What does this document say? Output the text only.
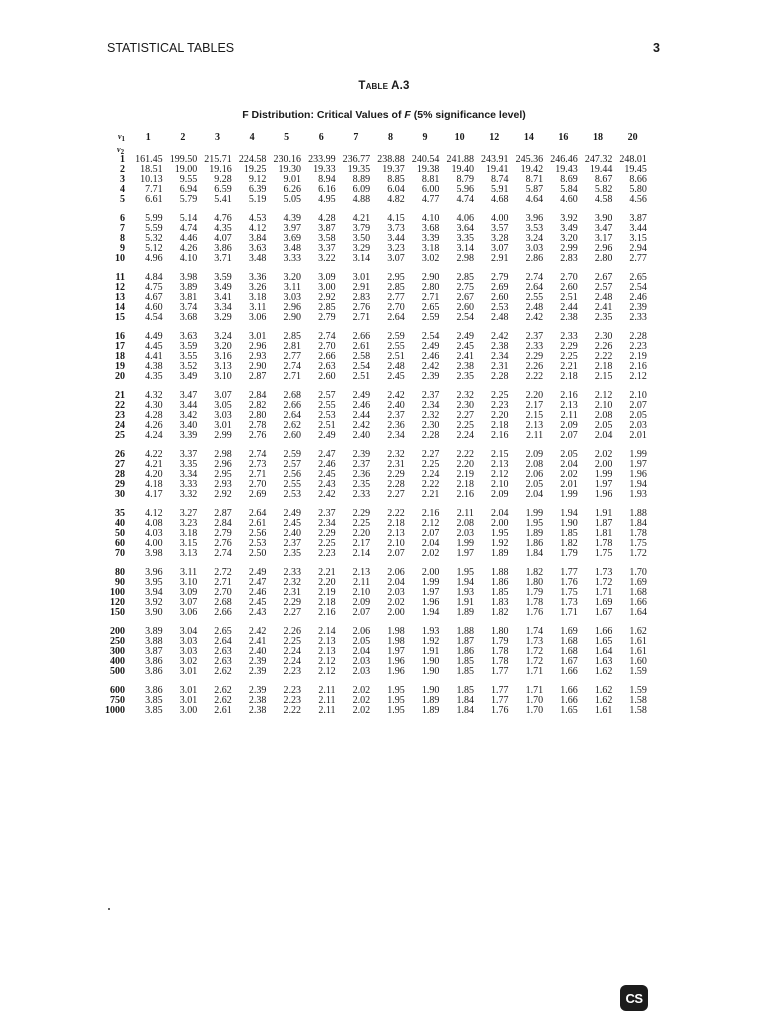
STATISTICAL TABLES	3
Table A.3
F Distribution: Critical Values of F (5% significance level)
ν1	1	2	3	4	5	6	7	8	9	10	12	14	16	18	20
ν2
1	161.45 199.50 215.71 224.58 230.16 233.99 236.77 238.88 240.54 241.88 243.91 245.36 246.46 247.32 248.01
2	18.51	19.00	19.16	19.25	19.30	19.33	19.35	19.37	19.38	19.40	19.41	19.42	19.43	19.44	19.45
3	10.13	9.55	9.28	9.12	9.01	8.94	8.89	8.85	8.81	8.79	8.74	8.71	8.69	8.67	8.66
4	7.71	6.94	6.59	6.39	6.26	6.16	6.09	6.04	6.00	5.96	5.91	5.87	5.84	5.82	5.80
5	6.61	5.79	5.41	5.19	5.05	4.95	4.88	4.82	4.77	4.74	4.68	4.64	4.60	4.58	4.56
6	5.99	5.14	4.76	4.53	4.39	4.28	4.21	4.15	4.10	4.06	4.00	3.96	3.92	3.90	3.87
7	5.59	4.74	4.35	4.12	3.97	3.87	3.79	3.73	3.68	3.64	3.57	3.53	3.49	3.47	3.44
8	5.32	4.46	4.07	3.84	3.69	3.58	3.50	3.44	3.39	3.35	3.28	3.24	3.20	3.17	3.15
9	5.12	4.26	3.86	3.63	3.48	3.37	3.29	3.23	3.18	3.14	3.07	3.03	2.99	2.96	2.94
10	4.96	4.10	3.71	3.48	3.33	3.22	3.14	3.07	3.02	2.98	2.91	2.86	2.83	2.80	2.77
11	4.84	3.98	3.59	3.36	3.20	3.09	3.01	2.95	2.90	2.85	2.79	2.74	2.70	2.67	2.65
12	4.75	3.89	3.49	3.26	3.11	3.00	2.91	2.85	2.80	2.75	2.69	2.64	2.60	2.57	2.54
13	4.67	3.81	3.41	3.18	3.03	2.92	2.83	2.77	2.71	2.67	2.60	2.55	2.51	2.48	2.46
14	4.60	3.74	3.34	3.11	2.96	2.85	2.76	2.70	2.65	2.60	2.53	2.48	2.44	2.41	2.39
15	4.54	3.68	3.29	3.06	2.90	2.79	2.71	2.64	2.59	2.54	2.48	2.42	2.38	2.35	2.33
16	4.49	3.63	3.24	3.01	2.85	2.74	2.66	2.59	2.54	2.49	2.42	2.37	2.33	2.30	2.28
17	4.45	3.59	3.20	2.96	2.81	2.70	2.61	2.55	2.49	2.45	2.38	2.33	2.29	2.26	2.23
18	4.41	3.55	3.16	2.93	2.77	2.66	2.58	2.51	2.46	2.41	2.34	2.29	2.25	2.22	2.19
19	4.38	3.52	3.13	2.90	2.74	2.63	2.54	2.48	2.42	2.38	2.31	2.26	2.21	2.18	2.16
20	4.35	3.49	3.10	2.87	2.71	2.60	2.51	2.45	2.39	2.35	2.28	2.22	2.18	2.15	2.12
21	4.32	3.47	3.07	2.84	2.68	2.57	2.49	2.42	2.37	2.32	2.25	2.20	2.16	2.12	2.10
22	4.30	3.44	3.05	2.82	2.66	2.55	2.46	2.40	2.34	2.30	2.23	2.17	2.13	2.10	2.07
23	4.28	3.42	3.03	2.80	2.64	2.53	2.44	2.37	2.32	2.27	2.20	2.15	2.11	2.08	2.05
24	4.26	3.40	3.01	2.78	2.62	2.51	2.42	2.36	2.30	2.25	2.18	2.13	2.09	2.05	2.03
25	4.24	3.39	2.99	2.76	2.60	2.49	2.40	2.34	2.28	2.24	2.16	2.11	2.07	2.04	2.01
26	4.22	3.37	2.98	2.74	2.59	2.47	2.39	2.32	2.27	2.22	2.15	2.09	2.05	2.02	1.99
27	4.21	3.35	2.96	2.73	2.57	2.46	2.37	2.31	2.25	2.20	2.13	2.08	2.04	2.00	1.97
28	4.20	3.34	2.95	2.71	2.56	2.45	2.36	2.29	2.24	2.19	2.12	2.06	2.02	1.99	1.96
29	4.18	3.33	2.93	2.70	2.55	2.43	2.35	2.28	2.22	2.18	2.10	2.05	2.01	1.97	1.94
30	4.17	3.32	2.92	2.69	2.53	2.42	2.33	2.27	2.21	2.16	2.09	2.04	1.99	1.96	1.93
35	4.12	3.27	2.87	2.64	2.49	2.37	2.29	2.22	2.16	2.11	2.04	1.99	1.94	1.91	1.88
40	4.08	3.23	2.84	2.61	2.45	2.34	2.25	2.18	2.12	2.08	2.00	1.95	1.90	1.87	1.84
50	4.03	3.18	2.79	2.56	2.40	2.29	2.20	2.13	2.07	2.03	1.95	1.89	1.85	1.81	1.78
60	4.00	3.15	2.76	2.53	2.37	2.25	2.17	2.10	2.04	1.99	1.92	1.86	1.82	1.78	1.75
70	3.98	3.13	2.74	2.50	2.35	2.23	2.14	2.07	2.02	1.97	1.89	1.84	1.79	1.75	1.72
80	3.96	3.11	2.72	2.49	2.33	2.21	2.13	2.06	2.00	1.95	1.88	1.82	1.77	1.73	1.70
90	3.95	3.10	2.71	2.47	2.32	2.20	2.11	2.04	1.99	1.94	1.86	1.80	1.76	1.72	1.69
100	3.94	3.09	2.70	2.46	2.31	2.19	2.10	2.03	1.97	1.93	1.85	1.79	1.75	1.71	1.68
120	3.92	3.07	2.68	2.45	2.29	2.18	2.09	2.02	1.96	1.91	1.83	1.78	1.73	1.69	1.66
150	3.90	3.06	2.66	2.43	2.27	2.16	2.07	2.00	1.94	1.89	1.82	1.76	1.71	1.67	1.64
200	3.89	3.04	2.65	2.42	2.26	2.14	2.06	1.98	1.93	1.88	1.80	1.74	1.69	1.66	1.62
250	3.88	3.03	2.64	2.41	2.25	2.13	2.05	1.98	1.92	1.87	1.79	1.73	1.68	1.65	1.61
300	3.87	3.03	2.63	2.40	2.24	2.13	2.04	1.97	1.91	1.86	1.78	1.72	1.68	1.64	1.61
400	3.86	3.02	2.63	2.39	2.24	2.12	2.03	1.96	1.90	1.85	1.78	1.72	1.67	1.63	1.60
500	3.86	3.01	2.62	2.39	2.23	2.12	2.03	1.96	1.90	1.85	1.77	1.71	1.66	1.62	1.59
600	3.86	3.01	2.62	2.39	2.23	2.11	2.02	1.95	1.90	1.85	1.77	1.71	1.66	1.62	1.59
750	3.85	3.01	2.62	2.38	2.23	2.11	2.02	1.95	1.89	1.84	1.77	1.70	1.66	1.62	1.58
1000	3.85	3.00	2.61	2.38	2.22	2.11	2.02	1.95	1.89	1.84	1.76	1.70	1.65	1.61	1.58
CS
